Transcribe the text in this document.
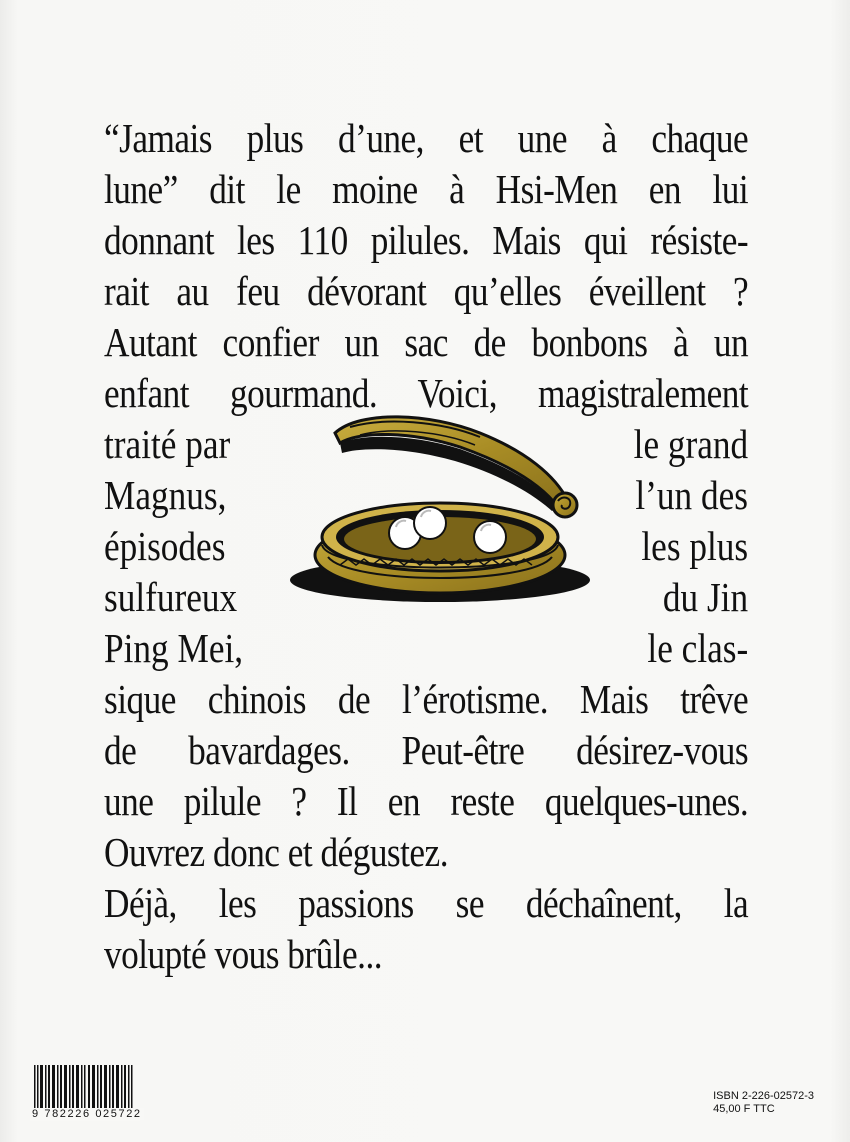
“Jamais plus d’une, et une à chaque
lune” dit le moine à Hsi-Men en lui
donnant les 110 pilules. Mais qui résiste-
rait au feu dévorant qu’elles éveillent ?
Autant confier un sac de bonbons à un
enfant gourmand. Voici, magistralement
traité par
Magnus,
épisodes
sulfureux
Ping Mei,
le grand
l’un des
les plus
du Jin
le clas-
sique chinois de l’érotisme. Mais trêve
de bavardages. Peut-être désirez-vous
une pilule ? Il en reste quelques-unes.
Ouvrez donc et dégustez.
Déjà, les passions se déchaînent, la
volupté vous brûle...
9 782226 025722
ISBN 2-226-02572-3
45,00 F TTC
